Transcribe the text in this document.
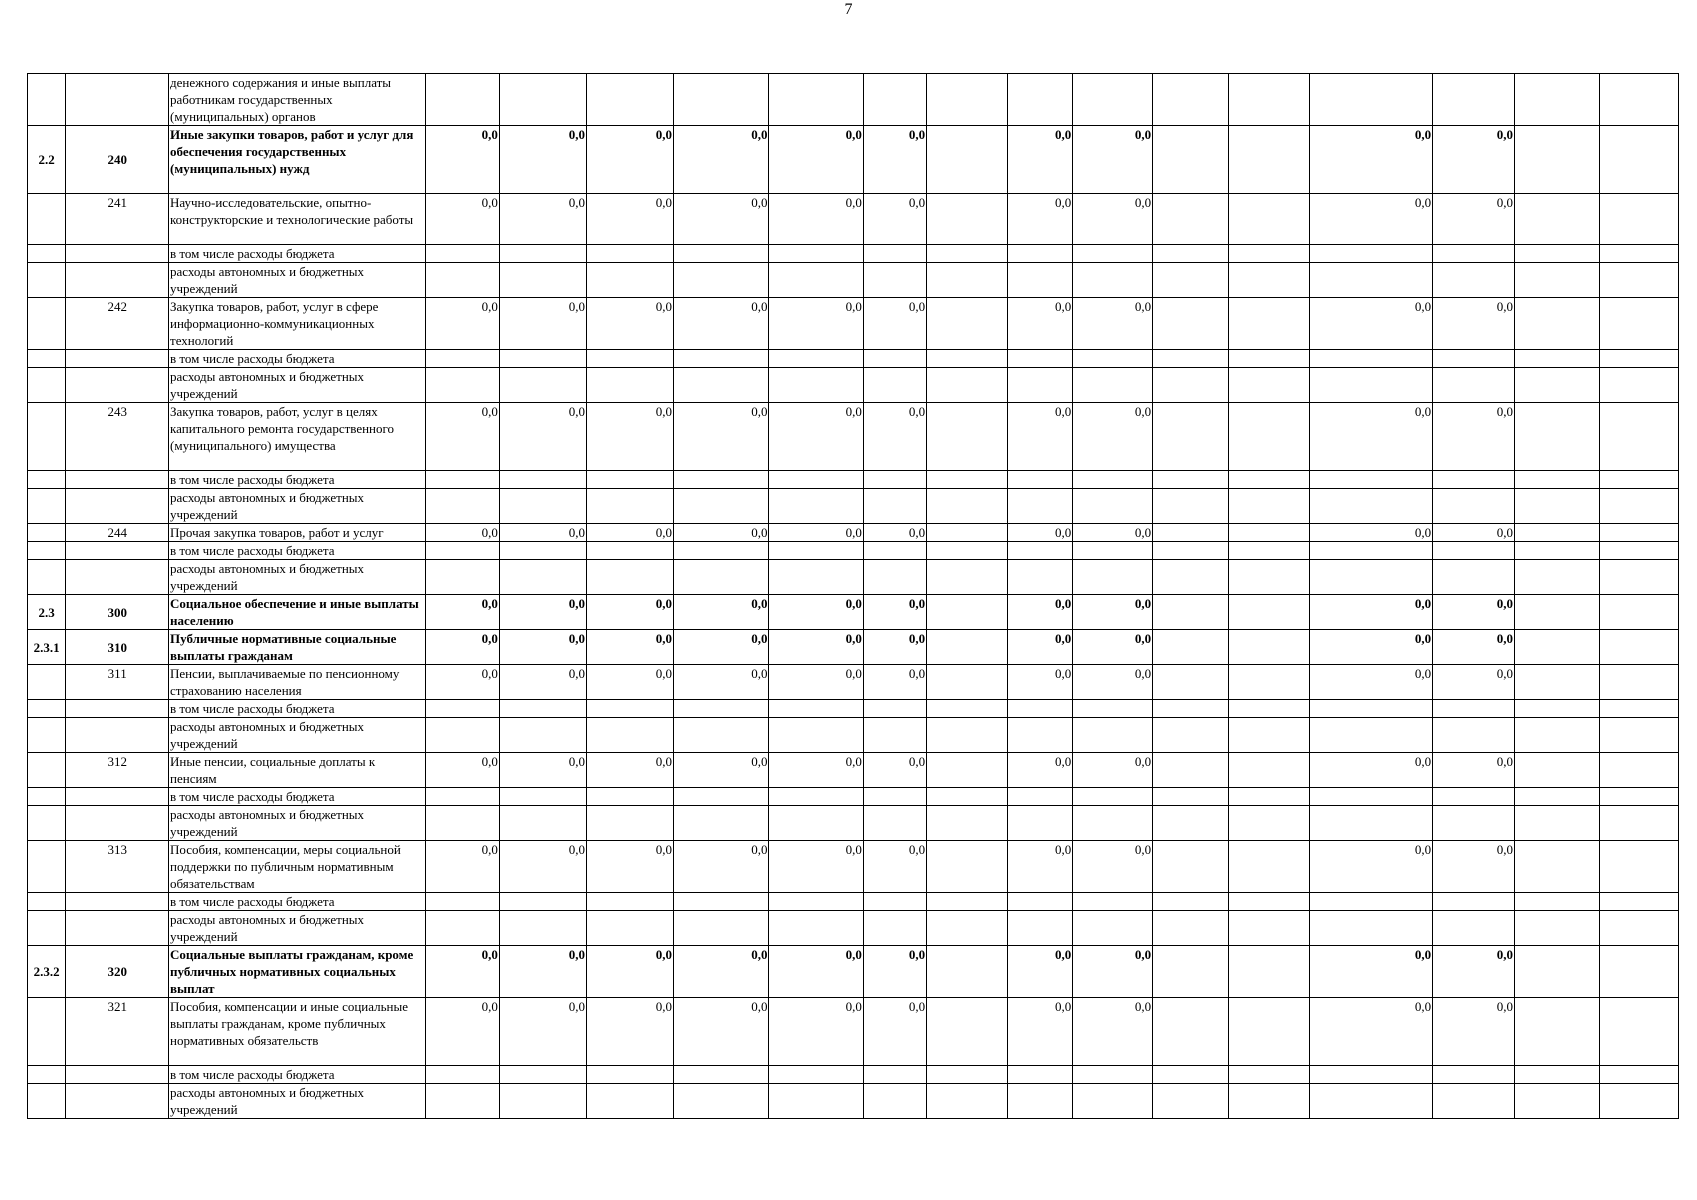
7
		денежного содержания и иные выплаты работникам государственных (муниципальных) органов															
2.2	240	Иные закупки товаров, работ и услуг для обеспечения государственных (муниципальных) нужд	0,0	0,0	0,0	0,0	0,0	0,0		0,0	0,0			0,0	0,0		
	241	Научно-исследовательские, опытно-конструкторские и технологические работы	0,0	0,0	0,0	0,0	0,0	0,0		0,0	0,0			0,0	0,0		
		в том числе расходы бюджета															
		расходы автономных и бюджетных учреждений															
	242	Закупка товаров, работ, услуг в сфере информационно-коммуникационных технологий	0,0	0,0	0,0	0,0	0,0	0,0		0,0	0,0			0,0	0,0		
		в том числе расходы бюджета															
		расходы автономных и бюджетных учреждений															
	243	Закупка товаров, работ, услуг в целях капитального ремонта государственного (муниципального) имущества	0,0	0,0	0,0	0,0	0,0	0,0		0,0	0,0			0,0	0,0		
		в том числе расходы бюджета															
		расходы автономных и бюджетных учреждений															
	244	Прочая закупка товаров, работ и услуг	0,0	0,0	0,0	0,0	0,0	0,0		0,0	0,0			0,0	0,0		
		в том числе расходы бюджета															
		расходы автономных и бюджетных учреждений															
2.3	300	Социальное обеспечение и иные выплаты населению	0,0	0,0	0,0	0,0	0,0	0,0		0,0	0,0			0,0	0,0		
2.3.1	310	Публичные нормативные социальные выплаты гражданам	0,0	0,0	0,0	0,0	0,0	0,0		0,0	0,0			0,0	0,0		
	311	Пенсии, выплачиваемые по пенсионному страхованию населения	0,0	0,0	0,0	0,0	0,0	0,0		0,0	0,0			0,0	0,0		
		в том числе расходы бюджета															
		расходы автономных и бюджетных учреждений															
	312	Иные пенсии, социальные доплаты к пенсиям	0,0	0,0	0,0	0,0	0,0	0,0		0,0	0,0			0,0	0,0		
		в том числе расходы бюджета															
		расходы автономных и бюджетных учреждений															
	313	Пособия, компенсации, меры социальной поддержки по публичным нормативным обязательствам	0,0	0,0	0,0	0,0	0,0	0,0		0,0	0,0			0,0	0,0		
		в том числе расходы бюджета															
		расходы автономных и бюджетных учреждений															
2.3.2	320	Социальные выплаты гражданам, кроме публичных нормативных социальных выплат	0,0	0,0	0,0	0,0	0,0	0,0		0,0	0,0			0,0	0,0		
	321	Пособия, компенсации и иные социальные выплаты гражданам, кроме публичных нормативных обязательств	0,0	0,0	0,0	0,0	0,0	0,0		0,0	0,0			0,0	0,0		
		в том числе расходы бюджета															
		расходы автономных и бюджетных учреждений															
